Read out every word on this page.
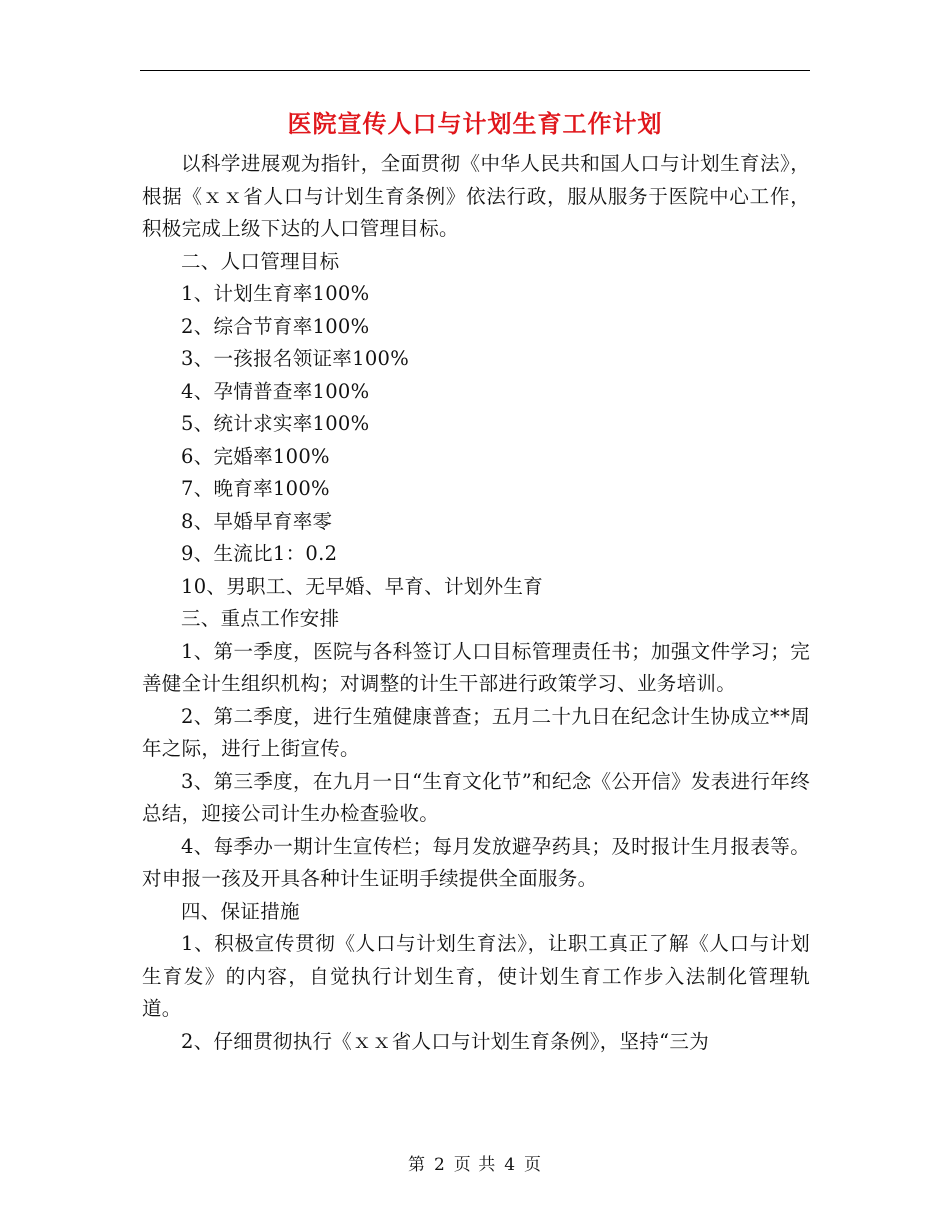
医院宣传人口与计划生育工作计划

以科学进展观为指针，全面贯彻《中华人民共和国人口与计划生育法》，根据《ｘｘ省人口与计划生育条例》依法行政，服从服务于医院中心工作，积极完成上级下达的人口管理目标。

二、人口管理目标

1、计划生育率100%

2、综合节育率100%

3、一孩报名领证率100%

4、孕情普查率100%

5、统计求实率100%

6、完婚率100%

7、晚育率100%

8、早婚早育率零

9、生流比1：0.2

10、男职工、无早婚、早育、计划外生育

三、重点工作安排

1、第一季度，医院与各科签订人口目标管理责任书；加强文件学习；完善健全计生组织机构；对调整的计生干部进行政策学习、业务培训。

2、第二季度，进行生殖健康普查；五月二十九日在纪念计生协成立**周年之际，进行上街宣传。

3、第三季度，在九月一日“生育文化节”和纪念《公开信》发表进行年终总结，迎接公司计生办检查验收。

4、每季办一期计生宣传栏；每月发放避孕药具；及时报计生月报表等。对申报一孩及开具各种计生证明手续提供全面服务。

四、保证措施

1、积极宣传贯彻《人口与计划生育法》，让职工真正了解《人口与计划生育发》的内容，自觉执行计划生育，使计划生育工作步入法制化管理轨道。

2、仔细贯彻执行《ｘｘ省人口与计划生育条例》，坚持“三为

第 2 页 共 4 页
